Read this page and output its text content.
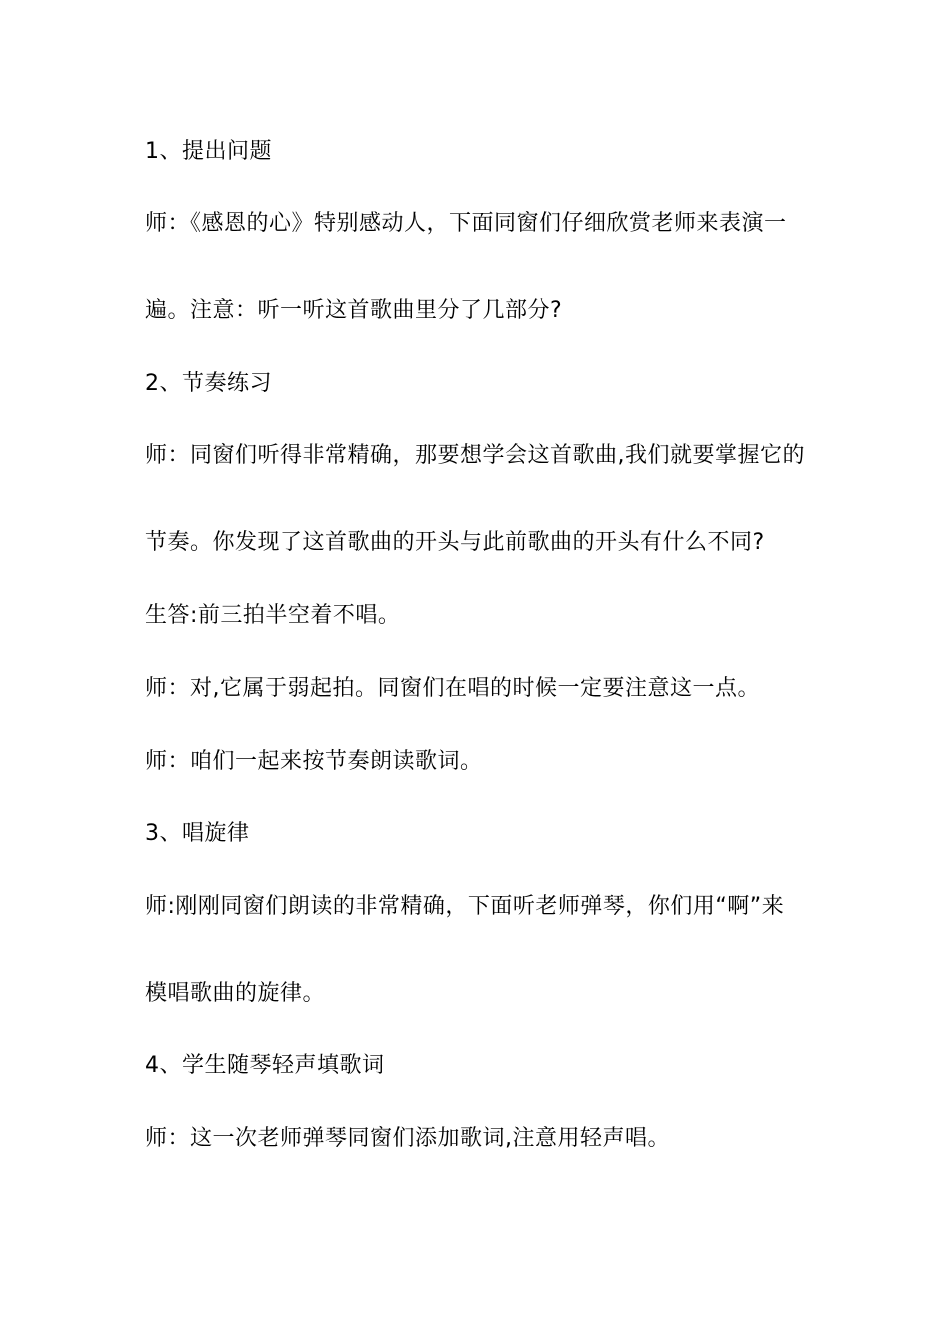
1、提出问题
师：《感恩的心》特别感动人，下面同窗们仔细欣赏老师来表演一
遍。注意：听一听这首歌曲里分了几部分?
2、节奏练习
师：同窗们听得非常精确，那要想学会这首歌曲,我们就要掌握它的
节奏。你发现了这首歌曲的开头与此前歌曲的开头有什么不同?
生答:前三拍半空着不唱。
师：对,它属于弱起拍。同窗们在唱的时候一定要注意这一点。
师：咱们一起来按节奏朗读歌词。
3、唱旋律
师:刚刚同窗们朗读的非常精确，下面听老师弹琴，你们用“啊”来
模唱歌曲的旋律。
4、学生随琴轻声填歌词
师：这一次老师弹琴同窗们添加歌词,注意用轻声唱。
